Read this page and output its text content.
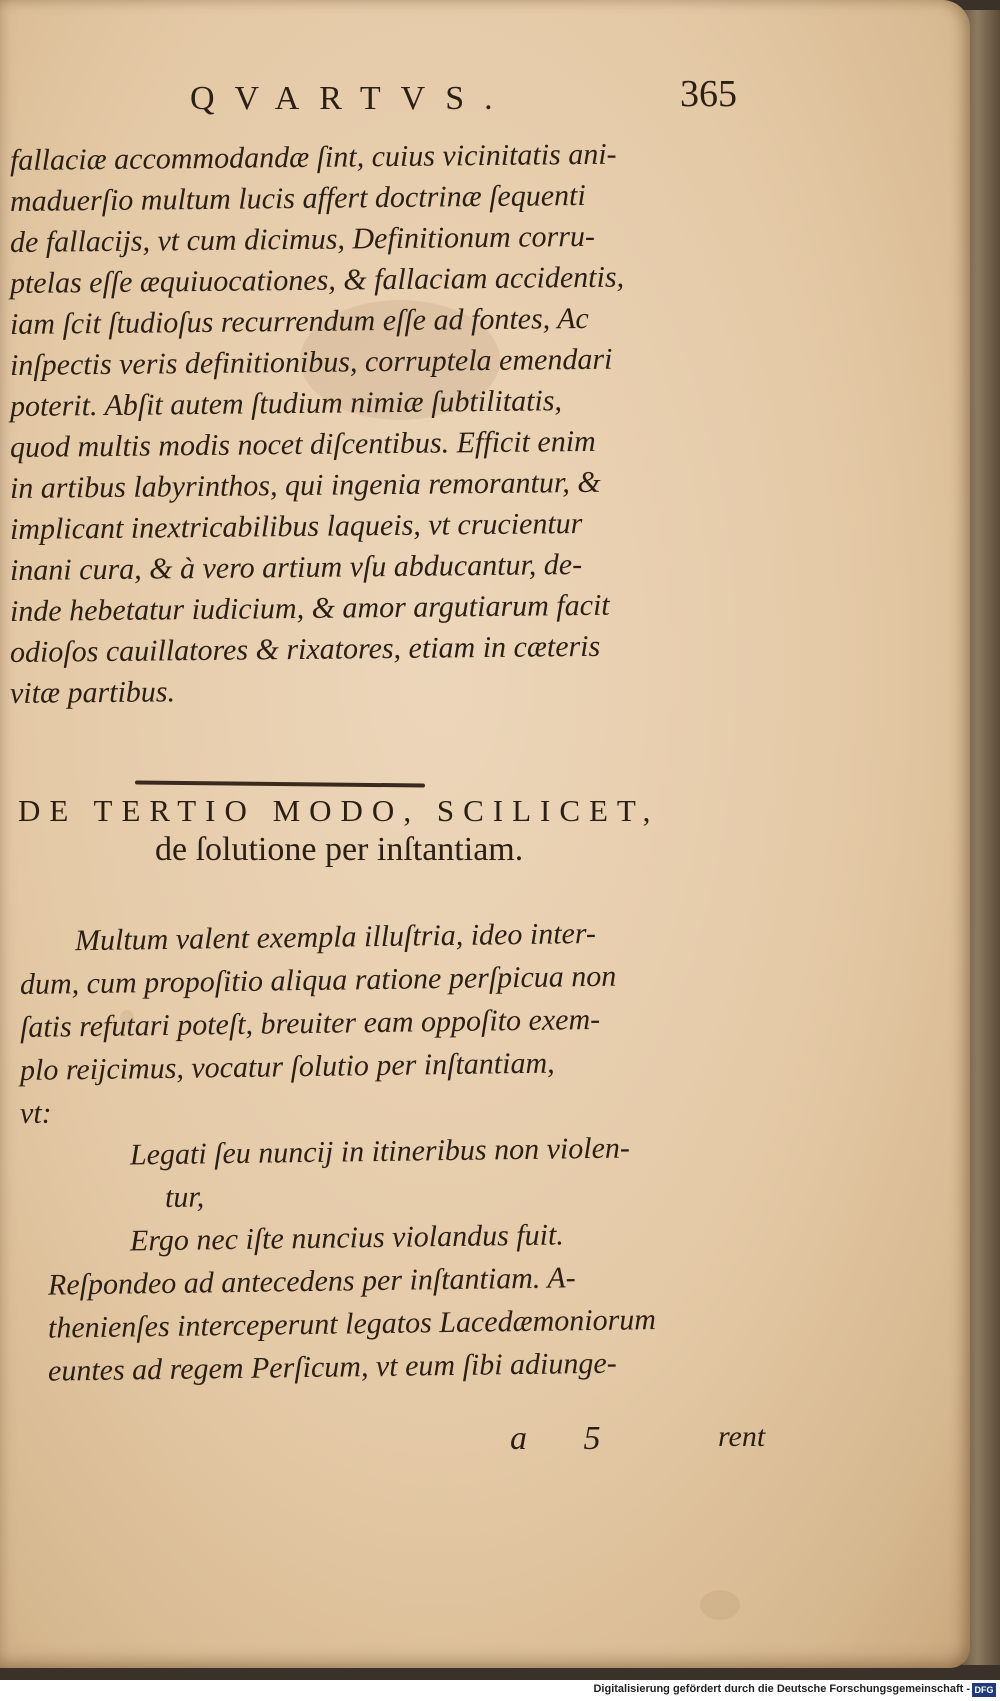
QVARTVS.	365
fallaciæ accommodandæ ſint, cuius vicinitatis ani-
maduerſio multum lucis affert doctrinæ ſequenti
de fallacijs, vt cum dicimus, Definitionum corru-
ptelas eſſe æquiuocationes, & fallaciam accidentis,
iam ſcit ſtudioſus recurrendum eſſe ad fontes, Ac
inſpectis veris definitionibus, corruptela emendari
poterit. Abſit autem ſtudium nimiæ ſubtilitatis,
quod multis modis nocet diſcentibus. Efficit enim
in artibus labyrinthos, qui ingenia remorantur, &
implicant inextricabilibus laqueis, vt crucientur
inani cura, & à vero artium vſu abducantur, de-
inde hebetatur iudicium, & amor argutiarum facit
odioſos cauillatores & rixatores, etiam in cæteris
vitæ partibus.
DE TERTIO MODO, SCILICET,
de ſolutione per inſtantiam.
Multum valent exempla illuſtria, ideo inter-
dum, cum propoſitio aliqua ratione perſpicua non
ſatis refutari poteſt, breuiter eam oppoſito exem-
plo reijcimus, vocatur ſolutio per inſtantiam,
vt:
Legati ſeu nuncij in itineribus non violen-
tur,
Ergo nec iſte nuncius violandus fuit.
Reſpondeo ad antecedens per inſtantiam. A-
thenienſes interceperunt legatos Lacedæmoniorum
euntes ad regem Perſicum, vt eum ſibi adiunge-
a 5	rent
Digitalisierung gefördert durch die Deutsche Forschungsgemeinschaft - DFG
